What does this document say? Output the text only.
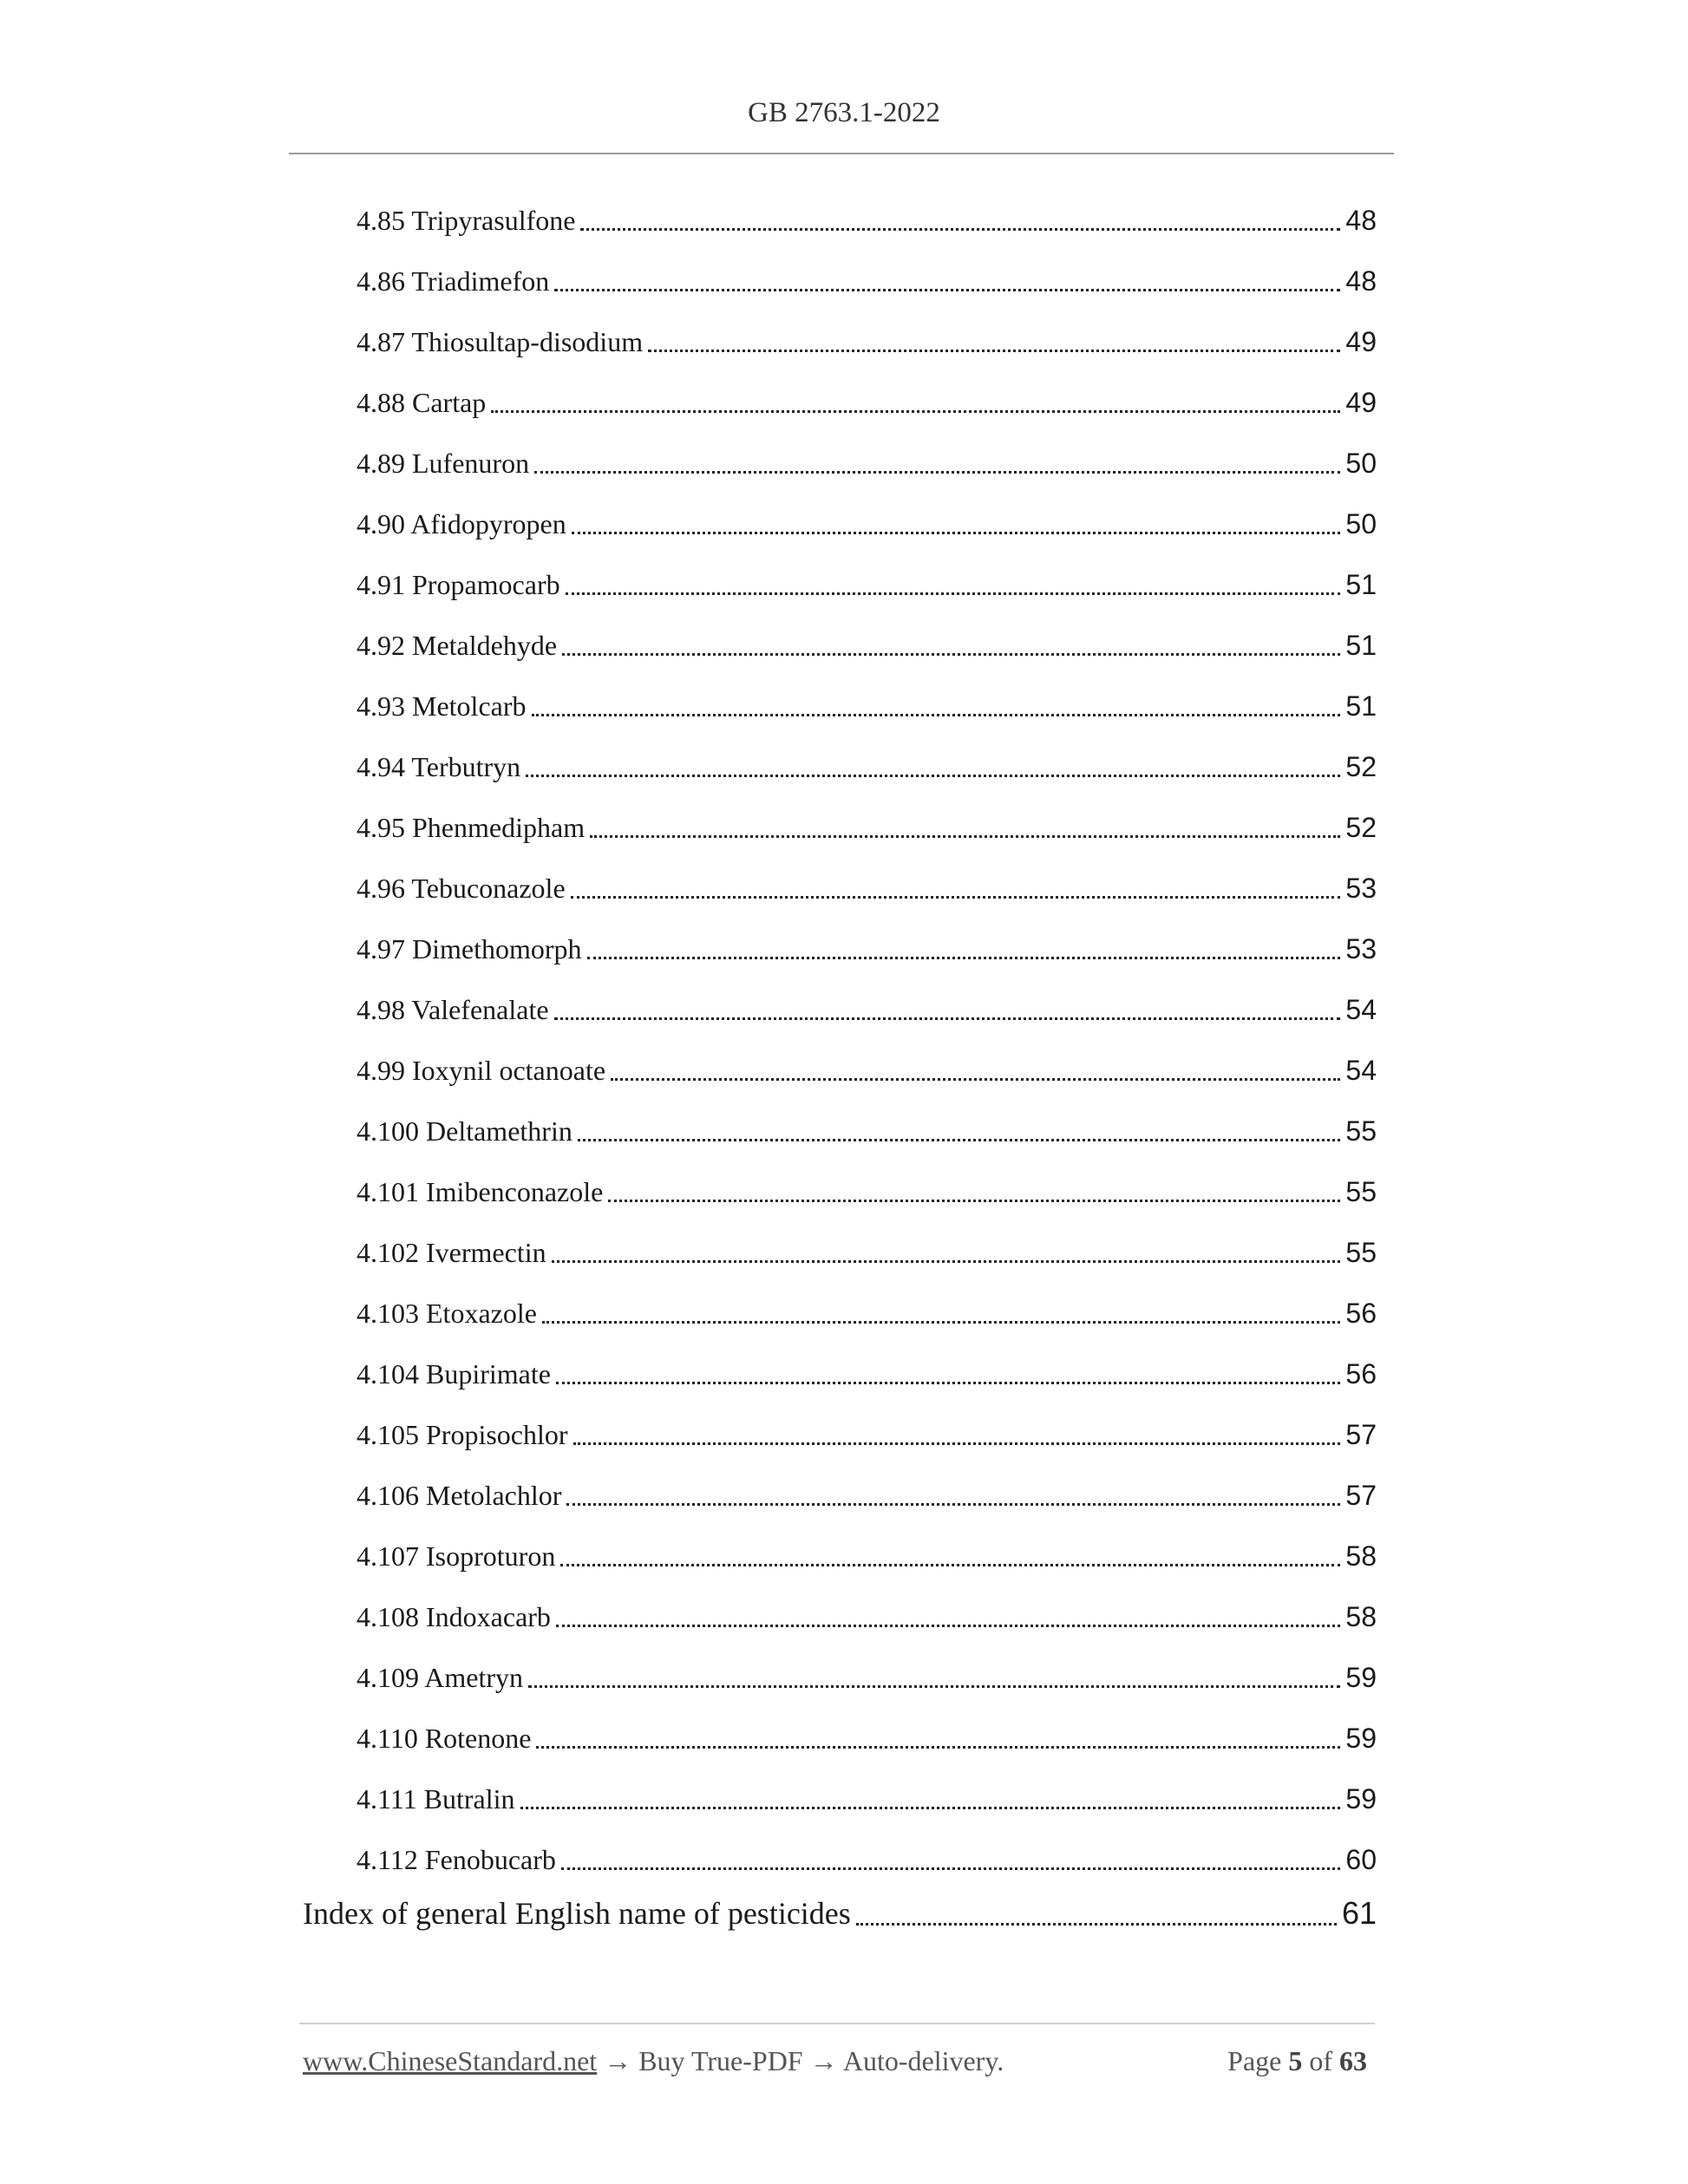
GB 2763.1-2022
4.85 Tripyrasulfone	48
4.86 Triadimefon	48
4.87 Thiosultap-disodium	49
4.88 Cartap	49
4.89 Lufenuron	50
4.90 Afidopyropen	50
4.91 Propamocarb	51
4.92 Metaldehyde	51
4.93 Metolcarb	51
4.94 Terbutryn	52
4.95 Phenmedipham	52
4.96 Tebuconazole	53
4.97 Dimethomorph	53
4.98 Valefenalate	54
4.99 Ioxynil octanoate	54
4.100 Deltamethrin	55
4.101 Imibenconazole	55
4.102 Ivermectin	55
4.103 Etoxazole	56
4.104 Bupirimate	56
4.105 Propisochlor	57
4.106 Metolachlor	57
4.107 Isoproturon	58
4.108 Indoxacarb	58
4.109 Ametryn	59
4.110 Rotenone	59
4.111 Butralin	59
4.112 Fenobucarb	60
Index of general English name of pesticides	61
www.ChineseStandard.net → Buy True-PDF → Auto-delivery.	Page 5 of 63
